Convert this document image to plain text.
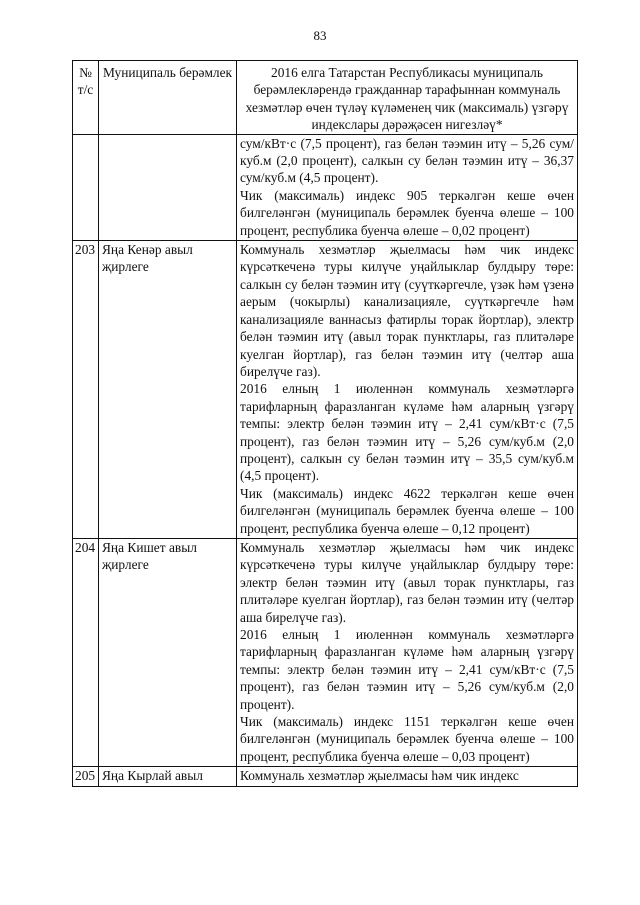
83
№ т/с	Муниципаль берәмлек	2016 елга Татарстан Республикасы муниципаль берәмлекләрендә гражданнар тарафыннан коммуналь хезмәтләр өчен түләү күләменең чик (максималь) үзгәрү индекслары дәрәҗәсен нигезләү*

		сум/кВт·с (7,5 процент), газ белән тәэмин итү – 5,26 сум/куб.м (2,0 процент), салкын су белән тәэмин итү – 36,37 сум/куб.м (4,5 процент).

Чик (максималь) индекс 905 теркәлгән кеше өчен билгеләнгән (муниципаль берәмлек буенча өлеше – 100 процент, республика буенча өлеше – 0,02 процент)

203	Яңа Кенәр авыл җирлеге	Коммуналь хезмәтләр җыелмасы һәм чик индекс күрсәткеченә туры килүче уңайлыклар булдыру төре: салкын су белән тәэмин итү (суүткәргечле, үзәк һәм үзенә аерым (чокырлы) канализацияле, суүткәргечле һәм канализацияле ваннасыз фатирлы торак йортлар), электр белән тәэмин итү (авыл торак пунктлары, газ плитәләре куелган йортлар), газ белән тәэмин итү (челтәр аша бирелүче газ).

2016 елның 1 июленнән коммуналь хезмәтләргә тарифларның фаразланган күләме һәм аларның үзгәрү темпы: электр белән тәэмин итү – 2,41 сум/кВт·с (7,5 процент), газ белән тәэмин итү – 5,26 сум/куб.м (2,0 процент), салкын су белән тәэмин итү – 35,5 сум/куб.м (4,5 процент).

Чик (максималь) индекс 4622 теркәлгән кеше өчен билгеләнгән (муниципаль берәмлек буенча өлеше – 100 процент, республика буенча өлеше – 0,12 процент)

204	Яңа Кишет авыл җирлеге	Коммуналь хезмәтләр җыелмасы һәм чик индекс күрсәткеченә туры килүче уңайлыклар булдыру төре: электр белән тәэмин итү (авыл торак пунктлары, газ плитәләре куелган йортлар), газ белән тәэмин итү (челтәр аша бирелүче газ).

2016 елның 1 июленнән коммуналь хезмәтләргә тарифларның фаразланган күләме һәм аларның үзгәрү темпы: электр белән тәэмин итү – 2,41 сум/кВт·с (7,5 процент), газ белән тәэмин итү – 5,26 сум/куб.м (2,0 процент).

Чик (максималь) индекс 1151 теркәлгән кеше өчен билгеләнгән (муниципаль берәмлек буенча өлеше – 100 процент, республика буенча өлеше – 0,03 процент)

205	Яңа Кырлай авыл	Коммуналь хезмәтләр җыелмасы һәм чик индекс
